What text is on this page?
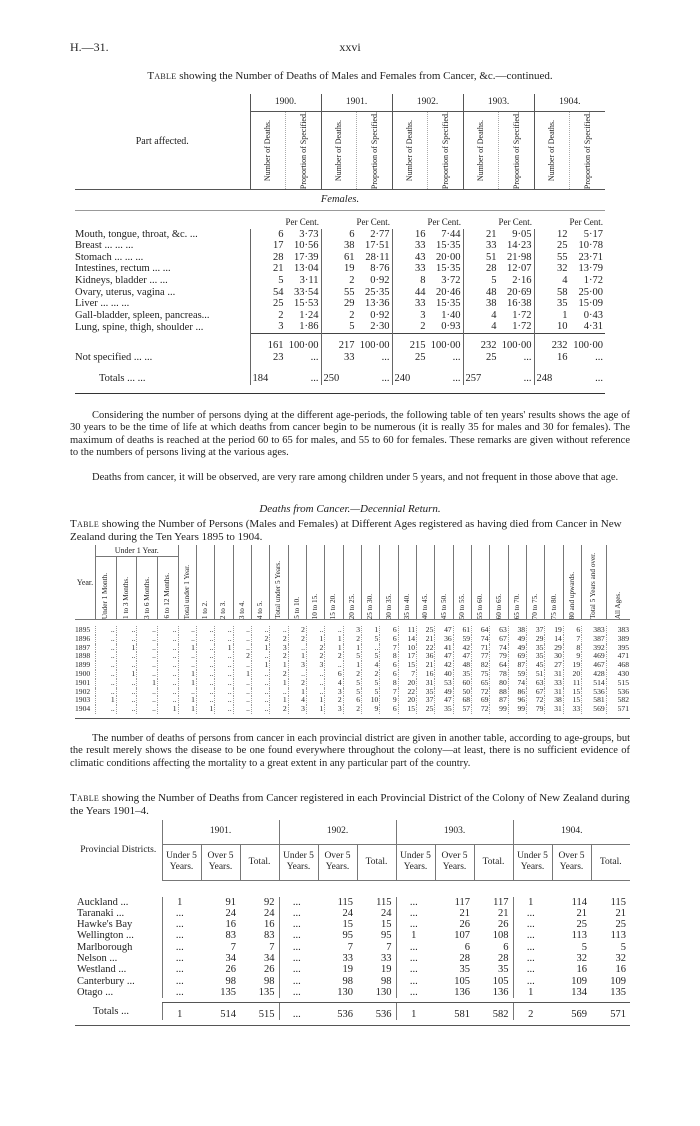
H.—31.	xxvi
Table showing the Number of Deaths of Males and Females from Cancer, &c.—continued.
Part affected.	1900.		1901.		1902.		1903.		1904.	

	Number of Deaths.	Proportion of Specified.	Number of Deaths.	Proportion of Specified.	Number of Deaths.	Proportion of Specified.	Number of Deaths.	Proportion of Specified.	Number of Deaths.	Proportion of Specified.

Females.										
		Per Cent.		Per Cent.		Per Cent.		Per Cent.		Per Cent.
Mouth, tongue, throat, &c. ...	6	3·73	6	2·77	16	7·44	21	9·05	12	5·17
Breast ... ... ...	17	10·56	38	17·51	33	15·35	33	14·23	25	10·78
Stomach ... ... ...	28	17·39	61	28·11	43	20·00	51	21·98	55	23·71
Intestines, rectum ... ...	21	13·04	19	8·76	33	15·35	28	12·07	32	13·79
Kidneys, bladder ... ...	5	3·11	2	0·92	8	3·72	5	2·16	4	1·72
Ovary, uterus, vagina ...	54	33·54	55	25·35	44	20·46	48	20·69	58	25·00
Liver ... ... ...	25	15·53	29	13·36	33	15·35	38	16·38	35	15·09
Gall-bladder, spleen, pancreas...	2	1·24	2	0·92	3	1·40	4	1·72	1	0·43
Lung, spine, thigh, shoulder ...	3	1·86	5	2·30	2	0·93	4	1·72	10	4·31
	161	100·00	217	100·00	215	100·00	232	100·00	232	100·00
Not specified ... ...	23	...	33	...	25	...	25	...	16	...
Totals ... ...	184	...	250	...	240	...	257	...	248	...

Considering the number of persons dying at the different age-periods, the following table of ten years' results shows the age of 30 years to be the time of life at which deaths from cancer begin to be numerous (it is really 35 for males and 30 for females). The maximum of deaths is reached at the period 60 to 65 for males, and 55 to 60 for females. These remarks are given without reference to the numbers of persons living at the various ages.

Deaths from cancer, it will be observed, are very rare among children under 5 years, and not frequent in those above that age.

Deaths from Cancer.—Decennial Return.
Table showing the Number of Persons (Males and Females) at Different Ages registered as having died from Cancer in New Zealand during the Ten Years 1895 to 1904.
Year.	Under 1 Year.				Total under 1 Year.	1 to 2.	2 to 3.	3 to 4.	4 to 5.	Total under 5 Years.	5 to 10.	10 to 15.	15 to 20.	20 to 25.	25 to 30.	30 to 35.	35 to 40.	40 to 45.	45 to 50.	50 to 55.	55 to 60.	60 to 65.	65 to 70.	70 to 75.	75 to 80.	80 and upwards.	Total 5 Years and over.	All Ages.

	Under 1 Month.	1 to 3 Months.	3 to 6 Months.	6 to 12 Months.																								

1895	..	..	..	..	..	..	..	..	..	..	2	..	..	3	1	6	11	25	47	61	64	63	38	37	19	6	383	383
1896	..	..	..	..	..	..	..	..	2	2	2	1	1	2	5	6	14	21	36	59	74	67	49	29	14	7	387	389
1897	..	1	..	..	1	..	1	..	1	3	..	2	1	1	..	7	10	22	41	42	71	74	49	35	29	8	392	395
1898	..	..	..	..	..	..	..	2	..	2	1	2	2	5	5	8	17	36	47	47	77	79	69	35	30	9	469	471
1899	..	..	..	..	..	..	..	..	1	1	3	3	..	1	4	6	15	21	42	48	82	64	87	45	27	19	467	468
1900	..	1	..	..	1	..	..	1	..	2	..	..	6	2	2	6	7	16	40	35	75	78	59	51	31	20	428	430
1901	..	..	1	..	1	..	..	..	..	1	2	..	4	5	5	8	20	31	53	60	65	80	74	63	33	11	514	515
1902	..	..	..	..	..	..	..	..	..	..	1	..	3	5	5	7	22	35	49	50	72	88	86	67	31	15	536	536
1903	1	..	..	..	1	..	..	..	..	1	4	1	2	6	10	9	20	37	47	68	69	87	96	72	38	15	581	582
1904	..	..	..	1	1	1	..	..	..	2	3	1	3	2	9	6	15	25	35	57	72	99	99	79	31	33	569	571

The number of deaths of persons from cancer in each provincial district are given in another table, according to age-groups, but the result merely shows the disease to be one found everywhere throughout the colony—at least, there is no sufficient evidence of climatic conditions affecting the mortality to a great extent in any particular part of the country.

Table showing the Number of Deaths from Cancer registered in each Provincial District of the Colony of New Zealand during the Years 1901–4.
Provincial Districts.	1901.			1902.			1903.			1904.		
	Under 5 Years.	Over 5 Years.	Total.	Under 5 Years.	Over 5 Years.	Total.	Under 5 Years.	Over 5 Years.	Total.	Under 5 Years.	Over 5 Years.	Total.

Auckland ...	1	91	92	...	115	115	...	117	117	1	114	115
Taranaki ...	...	24	24	...	24	24	...	21	21	...	21	21
Hawke's Bay	...	16	16	...	15	15	...	26	26	...	25	25
Wellington ...	...	83	83	...	95	95	1	107	108	...	113	113
Marlborough	...	7	7	...	7	7	...	6	6	...	5	5
Nelson ...	...	34	34	...	33	33	...	28	28	...	32	32
Westland ...	...	26	26	...	19	19	...	35	35	...	16	16
Canterbury ...	...	98	98	...	98	98	...	105	105	...	109	109
Otago ...	...	135	135	...	130	130	...	136	136	1	134	135

Totals ...	1	514	515	...	536	536	1	581	582	2	569	571
